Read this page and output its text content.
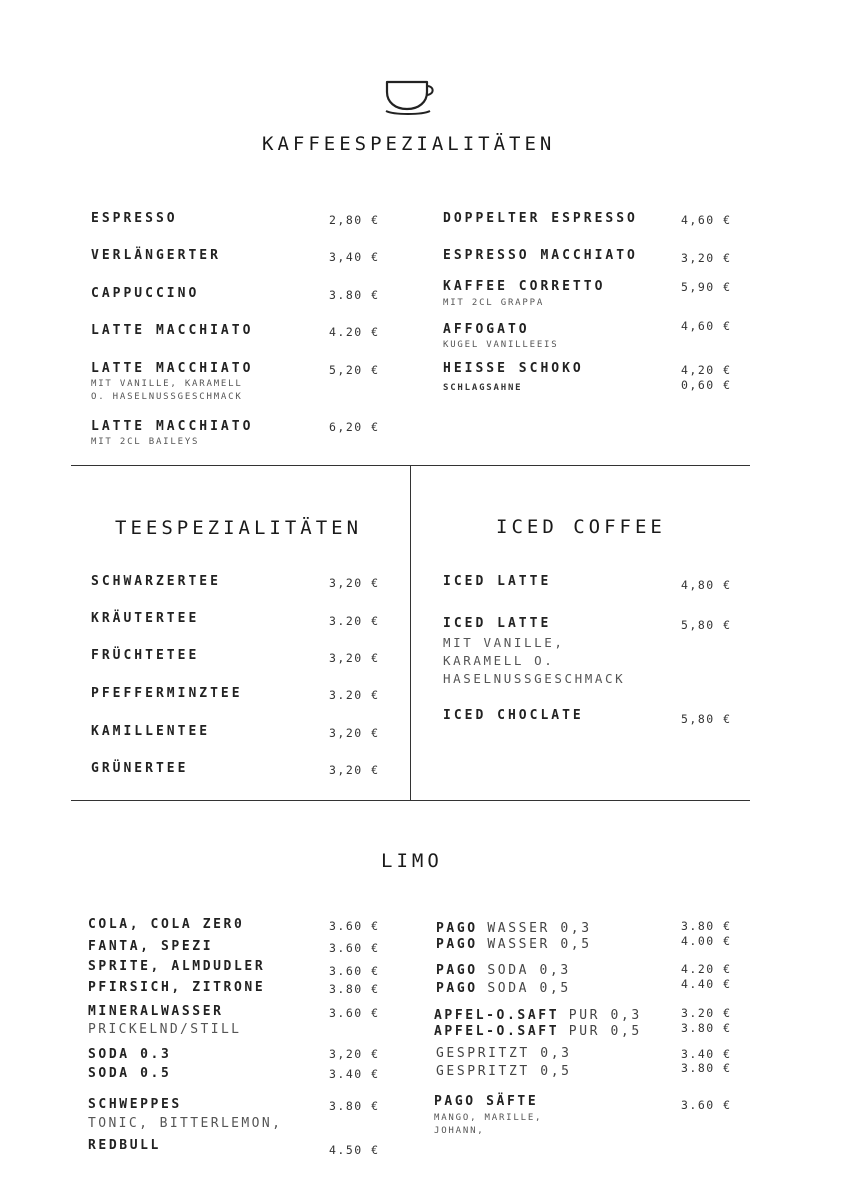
KAFFEESPEZIALITÄTEN
ESPRESSO	2,80 €
VERLÄNGERTER	3,40 €
CAPPUCCINO	3.80 €
LATTE MACCHIATO	4.20 €
LATTE MACCHIATO
MIT VANILLE, KARAMELL
O. HASELNUSSGESCHMACK
5,20 €
LATTE MACCHIATO
MIT 2CL BAILEYS
6,20 €
DOPPELTER ESPRESSO	4,60 €
ESPRESSO MACCHIATO	3,20 €
KAFFEE CORRETTO
MIT 2CL GRAPPA
5,90 €
AFFOGATO
KUGEL VANILLEEIS
4,60 €
HEISSE SCHOKO
SCHLAGSAHNE
4,20 €
0,60 €
TEESPEZIALITÄTEN
SCHWARZERTEE	3,20 €
KRÄUTERTEE	3.20 €
FRÜCHTETEE	3,20 €
PFEFFERMINZTEE	3.20 €
KAMILLENTEE	3,20 €
GRÜNERTEE	3,20 €
ICED COFFEE
ICED LATTE	4,80 €
ICED LATTE
MIT VANILLE,
KARAMELL O.
HASELNUSSGESCHMACK
5,80 €
ICED CHOCLATE	5,80 €
LIMO
COLA, COLA ZER0	3.60 €
FANTA, SPEZI	3.60 €
SPRITE, ALMDUDLER	3.60 €
PFIRSICH, ZITRONE	3.80 €
MINERALWASSER
PRICKELND/STILL
3.60 €
SODA 0.3	3,20 €
SODA 0.5	3.40 €
SCHWEPPES
TONIC, BITTERLEMON,
3.80 €
REDBULL	4.50 €
PAGO WASSER 0,3	3.80 €
PAGO WASSER 0,5	4.00 €
PAGO SODA 0,3	4.20 €
PAGO SODA 0,5	4.40 €
APFEL-O.SAFT PUR 0,3	3.20 €
APFEL-O.SAFT PUR 0,5	3.80 €
GESPRITZT 0,3	3.40 €
GESPRITZT 0,5	3.80 €
PAGO SÄFTE
MANGO, MARILLE,
JOHANN,
3.60 €
